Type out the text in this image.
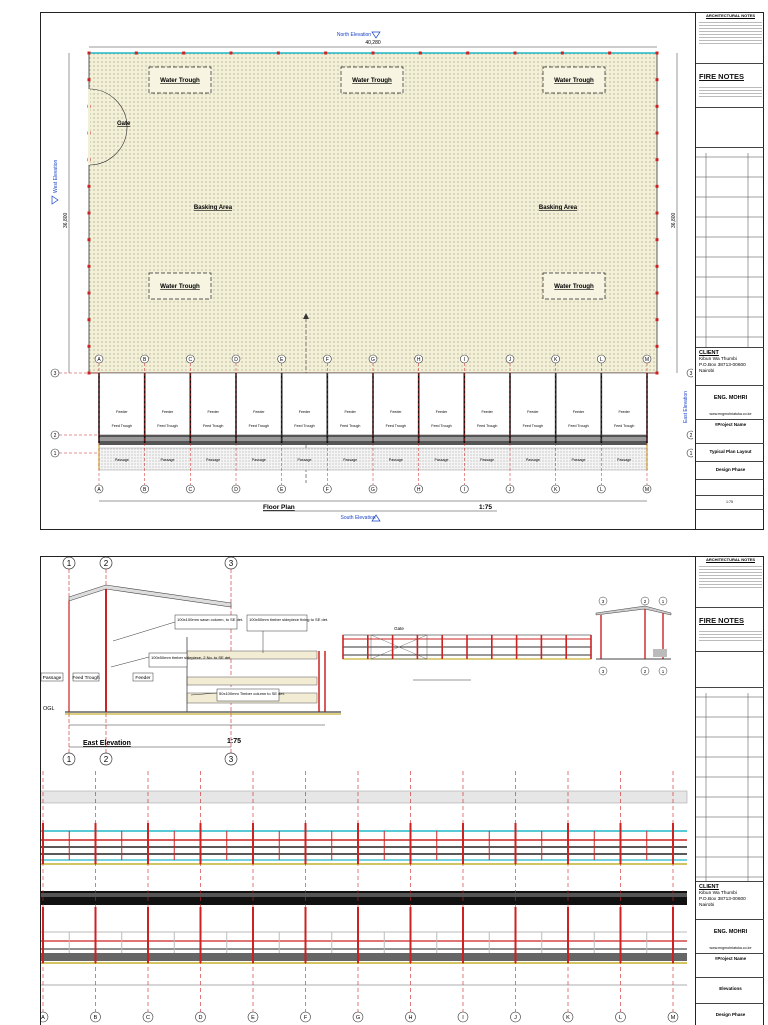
40,280
North Elevation
36,800
West Elevation
36,800
East Elevation
Gate
Water Trough	Water Trough	Water Trough
Water Trough	Water Trough
Basking Area	Basking Area
Feeder
Feed Trough
Passage
Feeder
Feed Trough
Passage
Feeder
Feed Trough
Passage
Feeder
Feed Trough
Passage
Feeder
Feed Trough
Passage
Feeder
Feed Trough
Passage
Feeder
Feed Trough
Passage
Feeder
Feed Trough
Passage
Feeder
Feed Trough
Passage
Feeder
Feed Trough
Passage
Feeder
Feed Trough
Passage
Feeder
Feed Trough
Passage
A
A
B
B
C
C
D
D
E
E
F
F
G
G
H
H
I
I
J
J
K
K
L
L
M
M
3
2	2
1	1
3
Floor Plan	1:75
South Elevation
ARCHITECTURAL NOTES
FIRE NOTES
CLIENT
Kibun Wa Thumbi
P.O.Box 38713-00600
Nairobi
ENG. MOHRI
www.engmohriatuka.co.ke
#Project Name
Typical Plan Layout
Design Phase
1:75
1	2	3
Passage Feed Trough	Feeder
OGL
100x100mm sawn column, to SE det.
100x50mm timber sidepiece, 2 No. to SE det.
100x50mm timber sidepiece fixing to SE det.
50x100mm Timber column to SE det.
East Elevation	1:75
1	2	3
Gate
3	2	1
3	2	1
A	B	C	D	E	F	G	H	I	J	K	L	M
ARCHITECTURAL NOTES
FIRE NOTES
CLIENT
Kibun Wa Thumbi
P.O.Box 38713-00600
Nairobi
ENG. MOHRI
www.engmohriatuka.co.ke
#Project Name
Elevations
Design Phase
